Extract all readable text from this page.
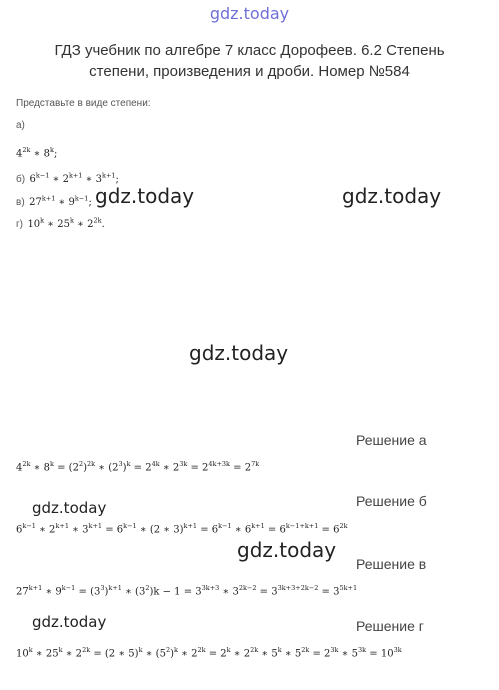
gdz.today
ГДЗ учебник по алгебре 7 класс Дорофеев. 6.2 Степень
степени, произведения и дроби. Номер №584
Представьте в виде степени:
а)
$4^{2k}$ ∗ 8$^k$;
б) $6^{k-1}$ ∗ $2^{k+1}$ ∗ $3^{k+1}$;
в) $27^{k+1}$ ∗ $9^{k-1}$;
г) 10$^k$ ∗ 25$^k$ ∗ $2^{2k}$.
gdz.today	gdz.today
gdz.today
gdz.today
gdz.today
gdz.today
Решение а
$4^{2k}$ ∗ $8^k = (2^2)^{2k}$ ∗ $(2^3)^k = 2^{4k}$ ∗ $2^{3k} = 2^{4k+3k} = 2^{7k}$
Решение б
$6^{k-1}$ ∗ $2^{k+1}$ ∗ $3^{k+1} = 6^{k-1}$ ∗ (2 ∗ $3)^{k+1} = 6^{k-1}$ ∗ $6^{k+1} = 6^{k-1+k+1} = 6^{2k}$
Решение в
$27^{k+1}$ ∗ $9^{k-1} = (3^3)^{k+1}$ ∗ $(3^2)k - 1 = 3^{3k+3}$ ∗ $3^{2k-2} = 3^{3k+3+2k-2} = 3^{5k+1}$
Решение г
10$^k$ ∗ 25$^k$ ∗ $2^{2k} = (2$ ∗ 5)$^k$ ∗ $(5^2)^k$ ∗ $2^{2k} = 2^k$ ∗ $2^{2k}$ ∗ 5$^k$ ∗ $5^{2k} = 2^{3k}$ ∗ $5^{3k} = 10^{3k}$
